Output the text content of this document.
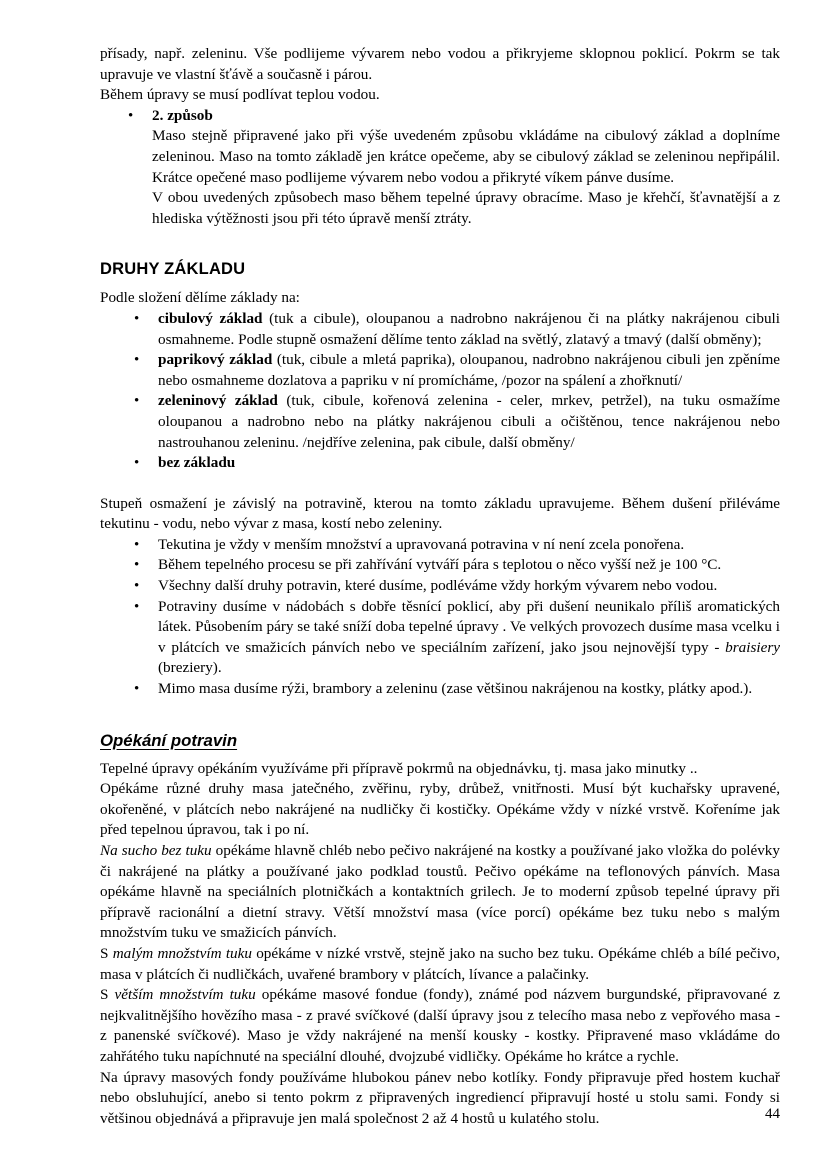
přísady, např. zeleninu. Vše podlijeme vývarem nebo vodou a přikryjeme sklopnou poklicí. Pokrm se tak upravuje ve vlastní šťávě a současně i párou.
Během úpravy se musí podlívat teplou vodou.
• 2. způsob
Maso stejně připravené jako při výše uvedeném způsobu vkládáme na cibulový základ a doplníme zeleninou. Maso na tomto základě jen krátce opečeme, aby se cibulový základ se zeleninou nepřipálil. Krátce opečené maso podlijeme vývarem nebo vodou a přikryté víkem pánve dusíme.
V obou uvedených způsobech maso během tepelné úpravy obracíme. Maso je křehčí, šťavnatější a z hlediska výtěžnosti jsou při této úpravě menší ztráty.
DRUHY ZÁKLADU
Podle složení dělíme základy na:
• cibulový základ (tuk a cibule), oloupanou a nadrobno nakrájenou či na plátky nakrájenou cibuli osmahneme. Podle stupně osmažení dělíme tento základ na světlý, zlatavý a tmavý (další obměny);
• paprikový základ (tuk, cibule a mletá paprika), oloupanou, nadrobno nakrájenou cibuli jen zpěníme nebo osmahneme dozlatova a papriku v ní promícháme, /pozor na spálení a zhořknutí/
• zeleninový základ (tuk, cibule, kořenová zelenina - celer, mrkev, petržel), na tuku osmažíme oloupanou a nadrobno nebo na plátky nakrájenou cibuli a očištěnou, tence nakrájenou nebo nastrouhanou zeleninu. /nejdříve zelenina, pak cibule, další obměny/
• bez základu
Stupeň osmažení je závislý na potravině, kterou na tomto základu upravujeme. Během dušení přiléváme tekutinu - vodu, nebo vývar z masa, kostí nebo zeleniny.
• Tekutina je vždy v menším množství a upravovaná potravina v ní není zcela ponořena.
• Během tepelného procesu se při zahřívání vytváří pára s teplotou o něco vyšší než je 100 °C.
• Všechny další druhy potravin, které dusíme, podléváme vždy horkým vývarem nebo vodou.
• Potraviny dusíme v nádobách s dobře těsnící poklicí, aby při dušení neunikalo příliš aromatických látek. Působením páry se také sníží doba tepelné úpravy . Ve velkých provozech dusíme masa vcelku i v plátcích ve smažicích pánvích nebo ve speciálním zařízení, jako jsou nejnovější typy - braisiery (breziery).
• Mimo masa dusíme rýži, brambory a zeleninu (zase většinou nakrájenou na kostky, plátky apod.).
Opékání potravin
Tepelné úpravy opékáním využíváme při přípravě pokrmů na objednávku, tj. masa jako minutky ..
Opékáme různé druhy masa jatečného, zvěřinu, ryby, drůbež, vnitřnosti. Musí být kuchařsky upravené, okořeněné, v plátcích nebo nakrájené na nudličky či kostičky. Opékáme vždy v nízké vrstvě. Kořeníme jak před tepelnou úpravou, tak i po ní.
Na sucho bez tuku opékáme hlavně chléb nebo pečivo nakrájené na kostky a používané jako vložka do polévky či nakrájené na plátky a používané jako podklad toustů. Pečivo opékáme na teflonových pánvích. Masa opékáme hlavně na speciálních plotničkách a kontaktních grilech. Je to moderní způsob tepelné úpravy při přípravě racionální a dietní stravy. Větší množství masa (více porcí) opékáme bez tuku nebo s malým množstvím tuku ve smažicích pánvích.
S malým množstvím tuku opékáme v nízké vrstvě, stejně jako na sucho bez tuku. Opékáme chléb a bílé pečivo, masa v plátcích či nudličkách, uvařené brambory v plátcích, lívance a palačinky.
S větším množstvím tuku opékáme masové fondue (fondy), známé pod názvem burgundské, připravované z nejkvalitnějšího hovězího masa - z pravé svíčkové (další úpravy jsou z telecího masa nebo z vepřového masa - z panenské svíčkové). Maso je vždy nakrájené na menší kousky - kostky. Připravené maso vkládáme do zahřátého tuku napíchnuté na speciální dlouhé, dvojzubé vidličky. Opékáme ho krátce a rychle.
Na úpravy masových fondy používáme hlubokou pánev nebo kotlíky. Fondy připravuje před hostem kuchař nebo obsluhující, anebo si tento pokrm z připravených ingrediencí připravují hosté u stolu sami. Fondy si většinou objednává a připravuje jen malá společnost 2 až 4 hostů u kulatého stolu.	44
